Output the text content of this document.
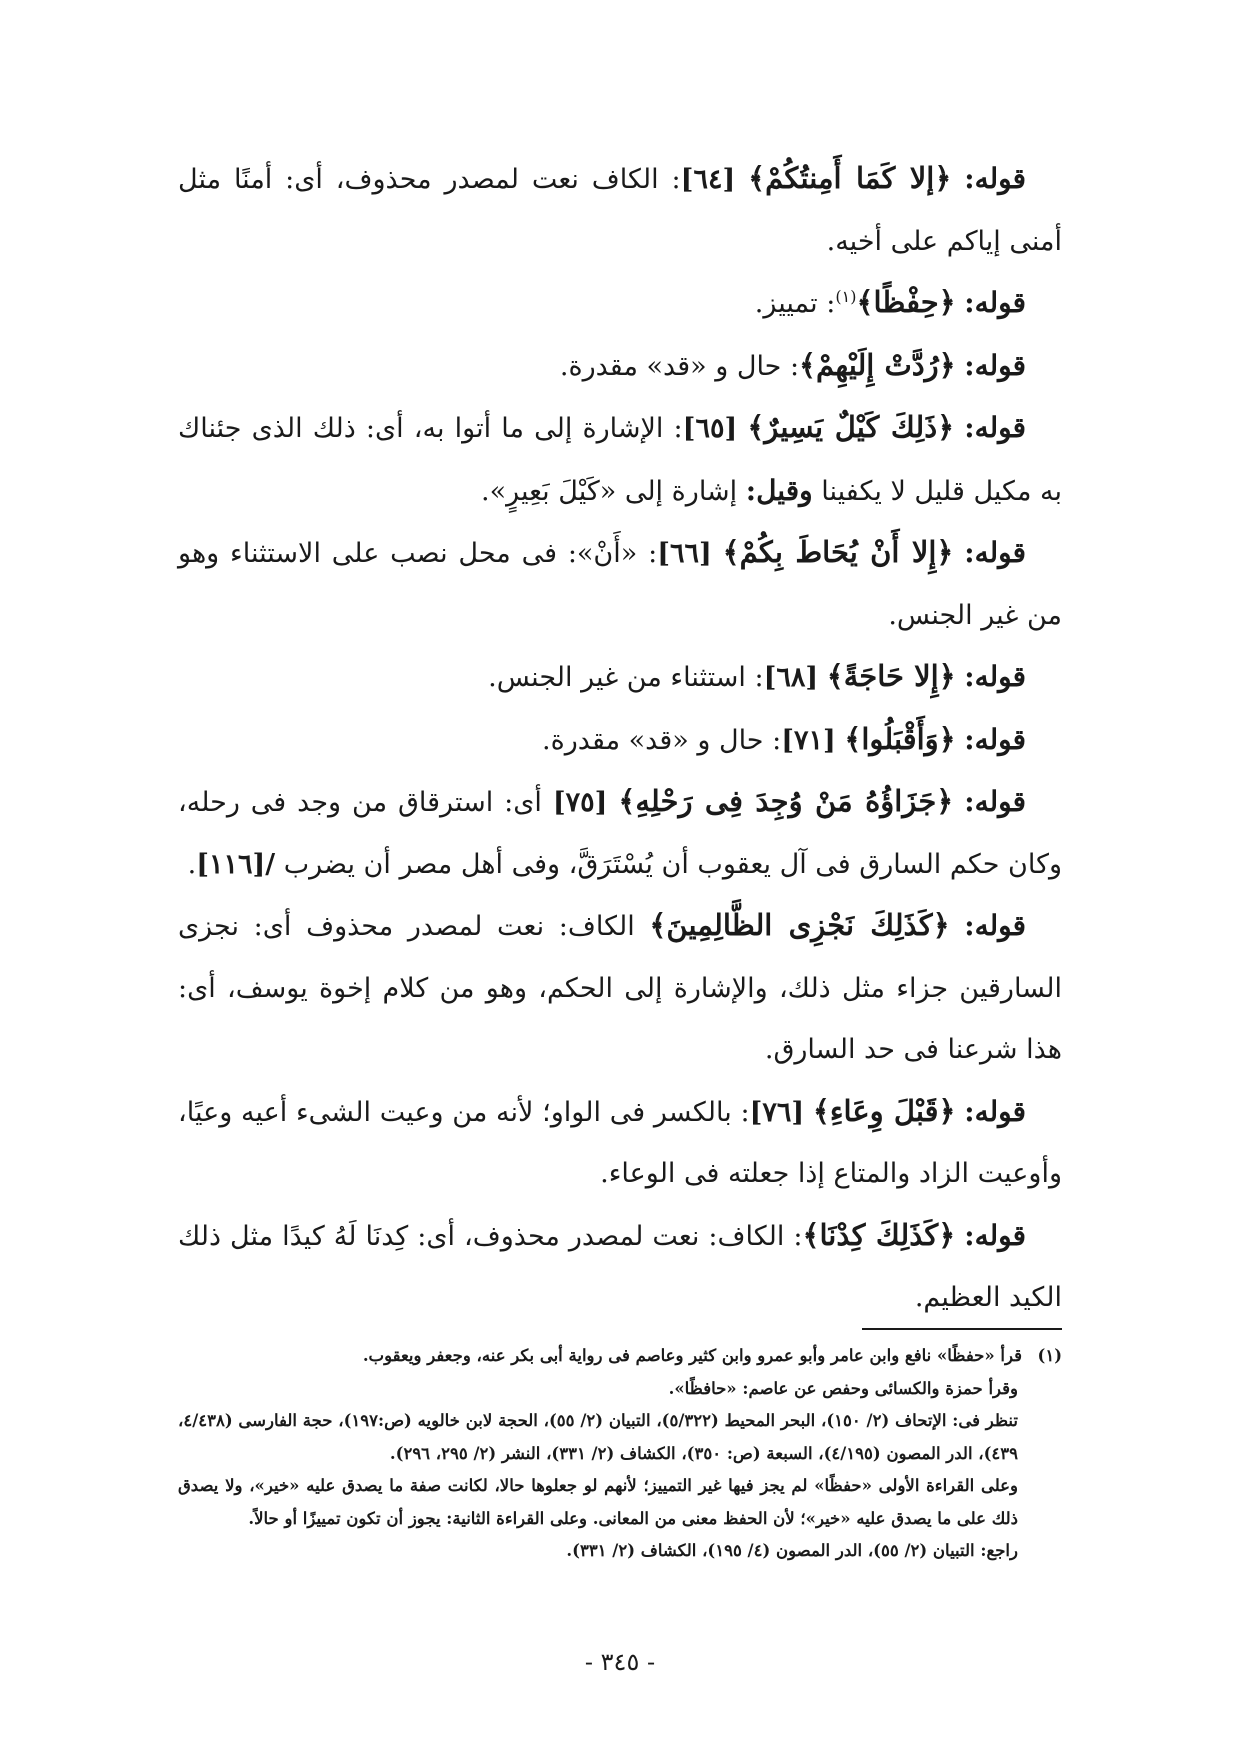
قوله: ﴿إلا كَمَا أَمِنتُكُمْ﴾ [٦٤]: الكاف نعت لمصدر محذوف، أى: أمنًا مثل أمنى إياكم على أخيه.

قوله: ﴿حِفْظًا﴾$^{(١)}$: تمييز.

قوله: ﴿رُدَّتْ إِلَيْهِمْ﴾: حال و «قد» مقدرة.

قوله: ﴿ذَلِكَ كَيْلٌ يَسِيرٌ﴾ [٦٥]: الإشارة إلى ما أتوا به، أى: ذلك الذى جئناك به مكيل قليل لا يكفينا وقيل: إشارة إلى «كَيْلَ بَعِيرٍ».

قوله: ﴿إِلا أَنْ يُحَاطَ بِكُمْ﴾ [٦٦]: «أَنْ»: فى محل نصب على الاستثناء وهو من غير الجنس.

قوله: ﴿إِلا حَاجَةً﴾ [٦٨]: استثناء من غير الجنس.

قوله: ﴿وَأَقْبَلُوا﴾ [٧١]: حال و «قد» مقدرة.

قوله: ﴿جَزَاؤُهُ مَنْ وُجِدَ فِى رَحْلِهِ﴾ [٧٥] أى: استرقاق من وجد فى رحله، وكان حكم السارق فى آل يعقوب أن يُسْتَرَقَّ، وفى أهل مصر أن يضرب /[١١٦].

قوله: ﴿كَذَلِكَ نَجْزِى الظَّالِمِينَ﴾ الكاف: نعت لمصدر محذوف أى: نجزى السارقين جزاء مثل ذلك، والإشارة إلى الحكم، وهو من كلام إخوة يوسف، أى: هذا شرعنا فى حد السارق.

قوله: ﴿قَبْلَ وِعَاءِ﴾ [٧٦]: بالكسر فى الواو؛ لأنه من وعيت الشىء أعيه وعيًا، وأوعيت الزاد والمتاع إذا جعلته فى الوعاء.

قوله: ﴿كَذَلِكَ كِدْنَا﴾: الكاف: نعت لمصدر محذوف، أى: كِدنَا لَهُ كيدًا مثل ذلك الكيد العظيم.

(١)قرأ «حفظًا» نافع وابن عامر وأبو عمرو وابن كثير وعاصم فى رواية أبى بكر عنه، وجعفر ويعقوب.

وقرأ حمزة والكسائى وحفص عن عاصم: «حافظًا».

تنظر فى: الإتحاف (٢/ ١٥٠)، البحر المحيط (٥/٣٢٢)، التبيان (٢/ ٥٥)، الحجة لابن خالويه (ص:١٩٧)، حجة الفارسى (٤/٤٣٨، ٤٣٩)، الدر المصون (٤/١٩٥)، السبعة (ص: ٣٥٠)، الكشاف (٢/ ٣٣١)، النشر (٢/ ٢٩٥، ٢٩٦).

وعلى القراءة الأولى «حفظًا» لم يجز فيها غير التمييز؛ لأنهم لو جعلوها حالا، لكانت صفة ما يصدق عليه «خير»، ولا يصدق ذلك على ما يصدق عليه «خير»؛ لأن الحفظ معنى من المعانى. وعلى القراءة الثانية: يجوز أن تكون تمييزًا أو حالاً.

راجع: التبيان (٢/ ٥٥)، الدر المصون (٤/ ١٩٥)، الكشاف (٢/ ٣٣١).

- ٣٤٥ -
